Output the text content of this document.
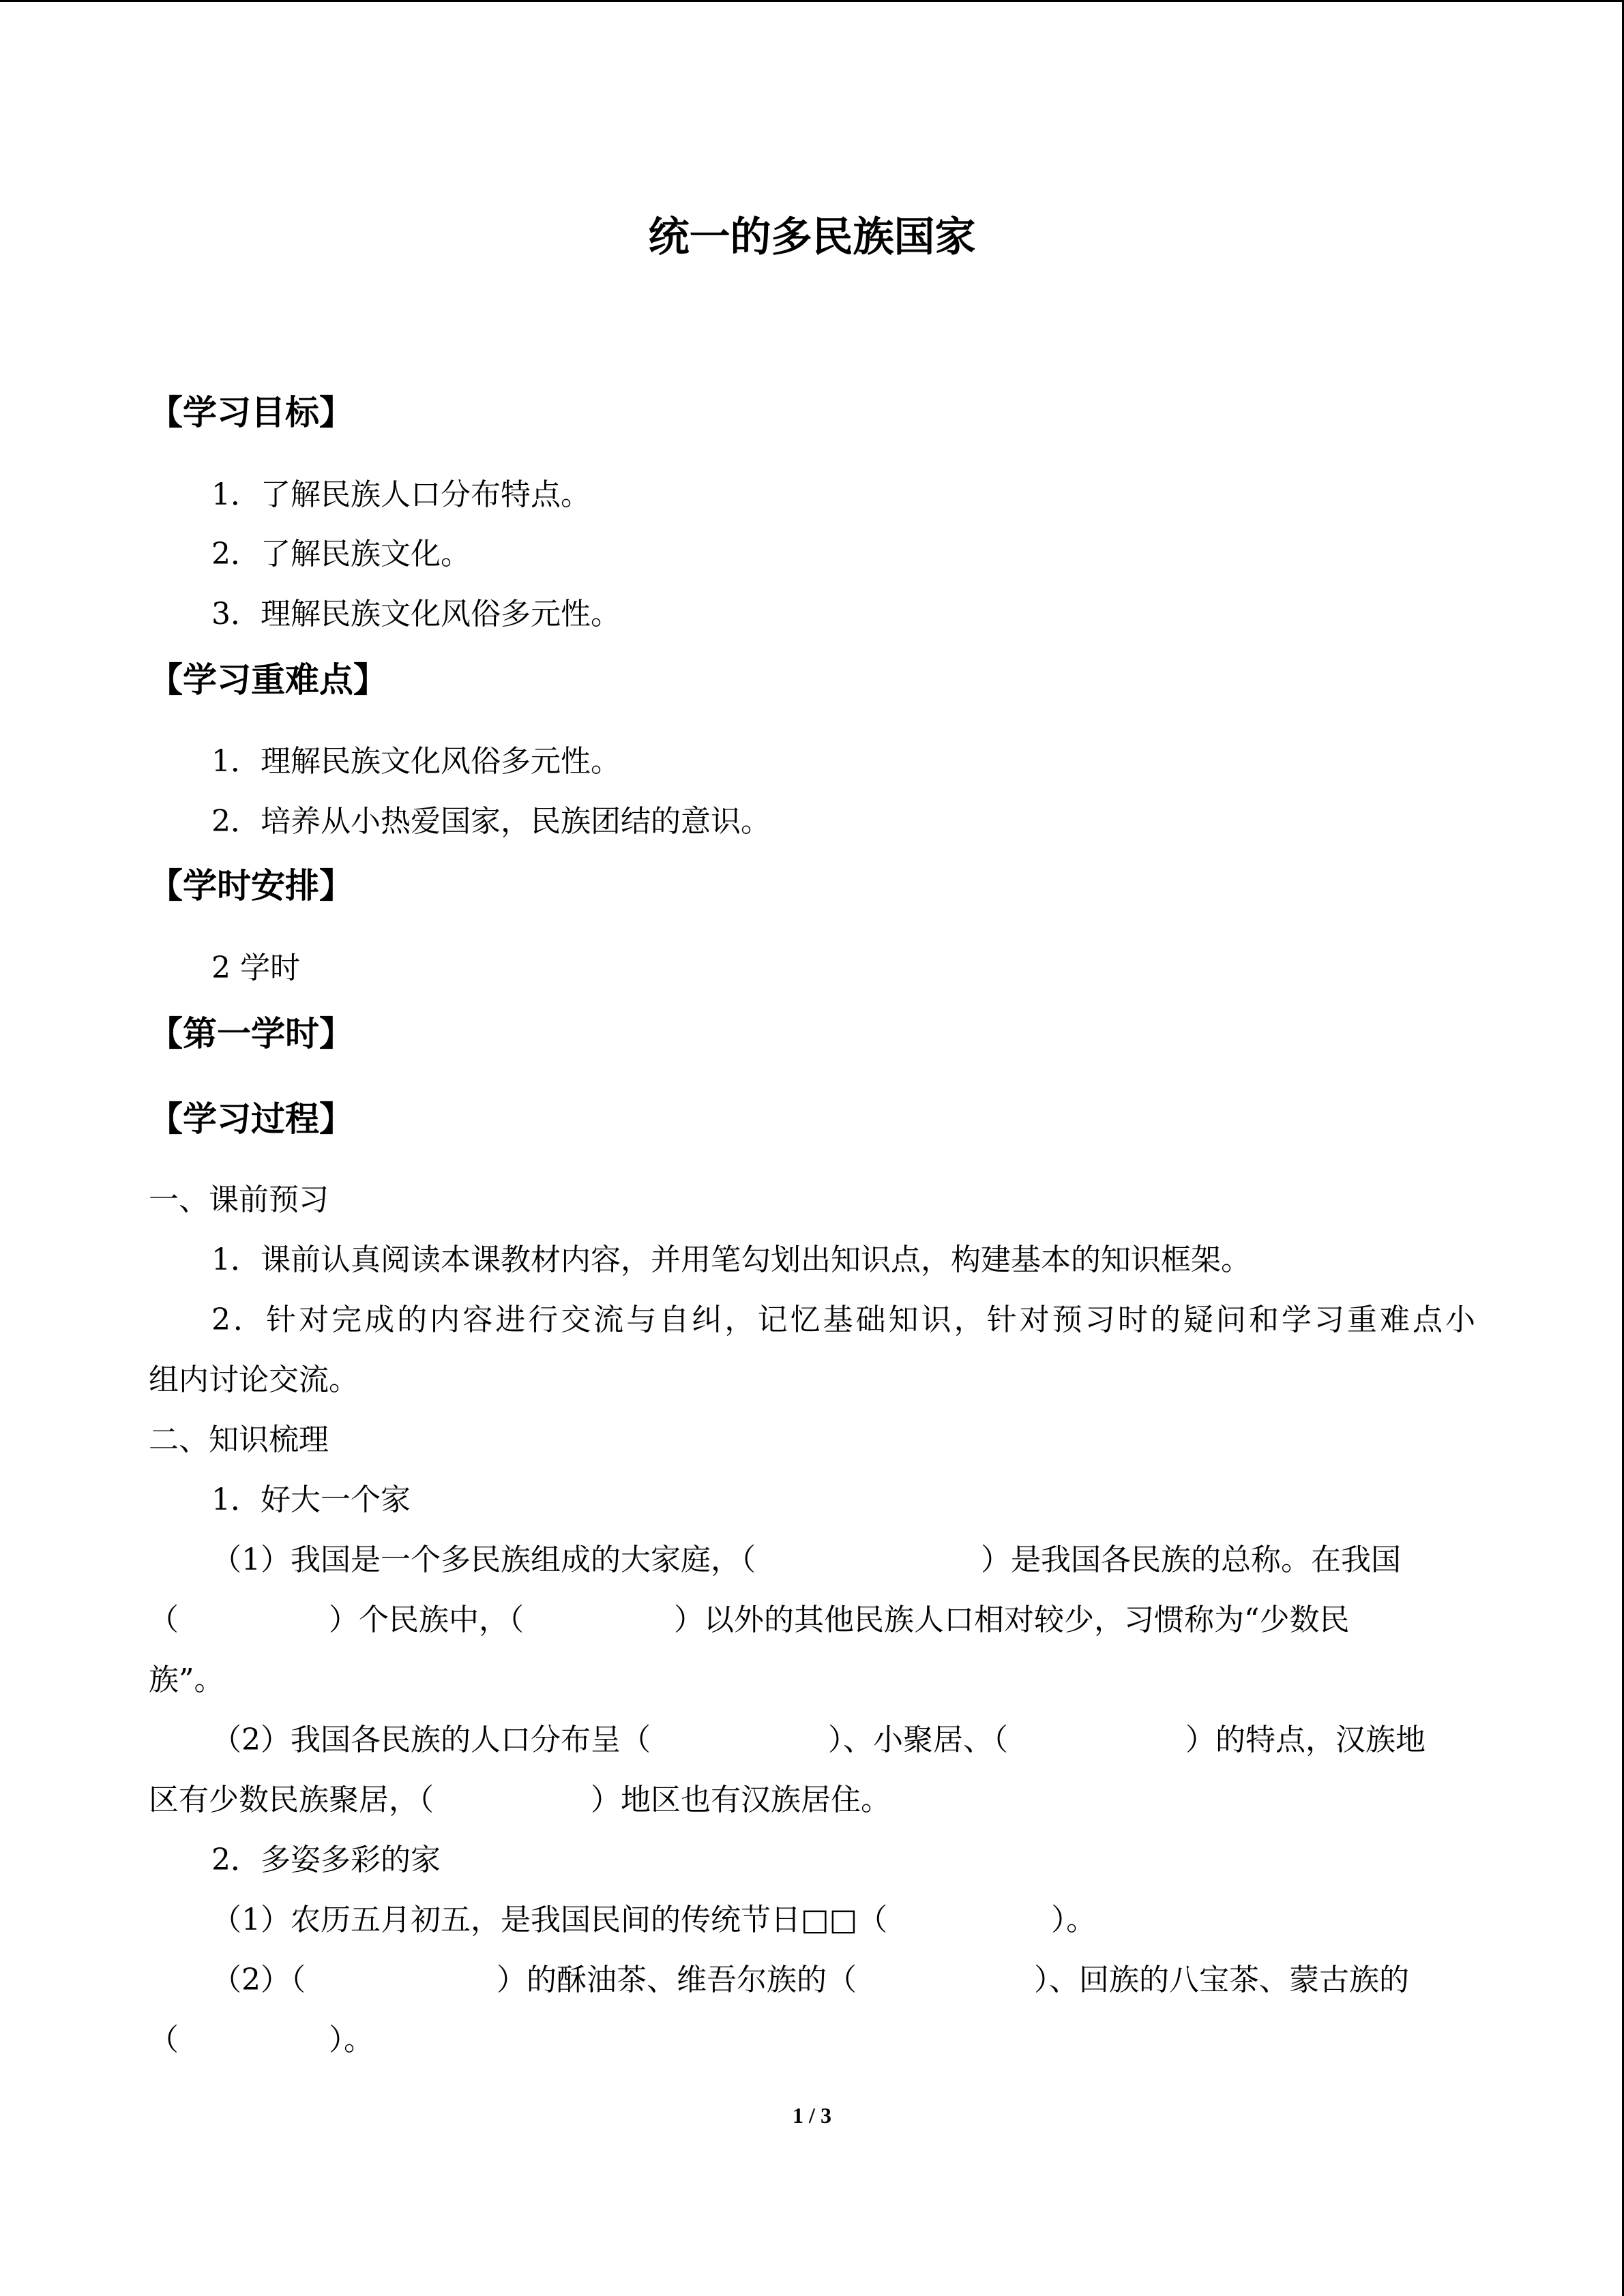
统一的多民族国家
【学习目标】
1．了解民族人口分布特点。
2．了解民族文化。
3．理解民族文化风俗多元性。
【学习重难点】
1．理解民族文化风俗多元性。
2．培养从小热爱国家，民族团结的意识。
【学时安排】
2 学时
【第一学时】
【学习过程】
一、课前预习
1．课前认真阅读本课教材内容，并用笔勾划出知识点，构建基本的知识框架。
2．针对完成的内容进行交流与自纠，记忆基础知识，针对预习时的疑问和学习重难点小
组内讨论交流。
二、知识梳理
1．好大一个家
（1）我国是一个多民族组成的大家庭，（	）是我国各民族的总称。在我国
（	）个民族中，（	）以外的其他民族人口相对较少，习惯称为“少数民
族”。
（2）我国各民族的人口分布呈（	）、小聚居、（	）的特点，汉族地
区有少数民族聚居，（	）地区也有汉族居住。
2．多姿多彩的家
（1）农历五月初五，是我国民间的传统节日□□（	）。
（2）（	）的酥油茶、维吾尔族的（	）、回族的八宝茶、蒙古族的
（	）。
1 / 3
